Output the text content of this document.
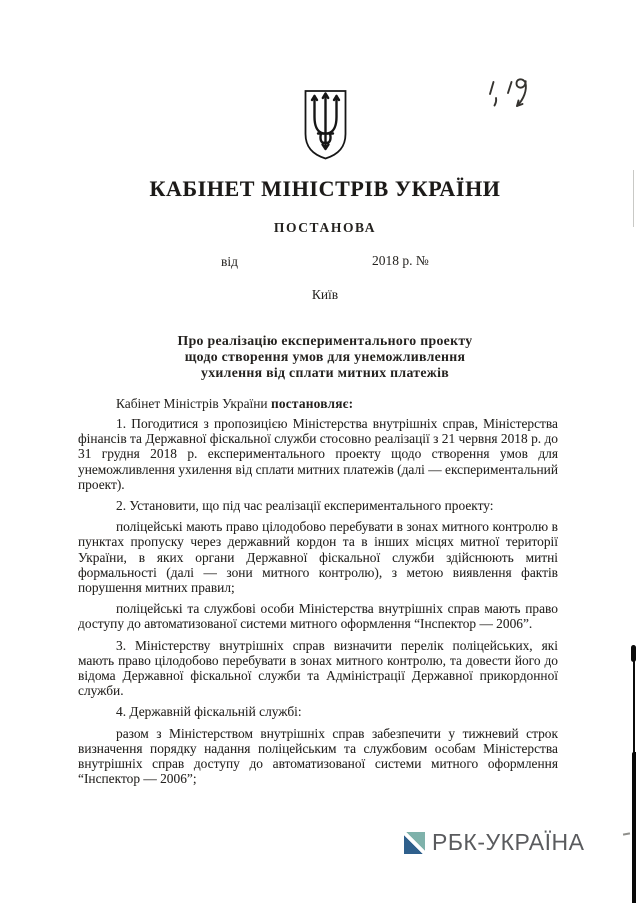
КАБІНЕТ МІНІСТРІВ УКРАЇНИ
ПОСТАНОВА
від	2018 р. №
Київ
Про реалізацію експериментального проекту
щодо створення умов для унеможливлення
ухилення від сплати митних платежів
Кабінет Міністрів України постановляє:

1. Погодитися з пропозицією Міністерства внутрішніх справ, Міністерства фінансів та Державної фіскальної служби стосовно реалізації з 21 червня 2018 р. до 31 грудня 2018 р. експериментального проекту щодо створення умов для унеможливлення ухилення від сплати митних платежів (далі — експериментальний проект).

2. Установити, що під час реалізації експериментального проекту:

поліцейські мають право цілодобово перебувати в зонах митного контролю в пунктах пропуску через державний кордон та в інших місцях митної території України, в яких органи Державної фіскальної служби здійснюють митні формальності (далі — зони митного контролю), з метою виявлення фактів порушення митних правил;

поліцейські та службові особи Міністерства внутрішніх справ мають право доступу до автоматизованої системи митного оформлення “Інспектор — 2006”.

3. Міністерству внутрішніх справ визначити перелік поліцейських, які мають право цілодобово перебувати в зонах митного контролю, та довести його до відома Державної фіскальної служби та Адміністрації Державної прикордонної служби.

4. Державній фіскальній службі:

разом з Міністерством внутрішніх справ забезпечити у тижневий строк визначення порядку надання поліцейським та службовим особам Міністерства внутрішніх справ доступу до автоматизованої системи митного оформлення “Інспектор — 2006”;

РБК-УКРАЇНА
